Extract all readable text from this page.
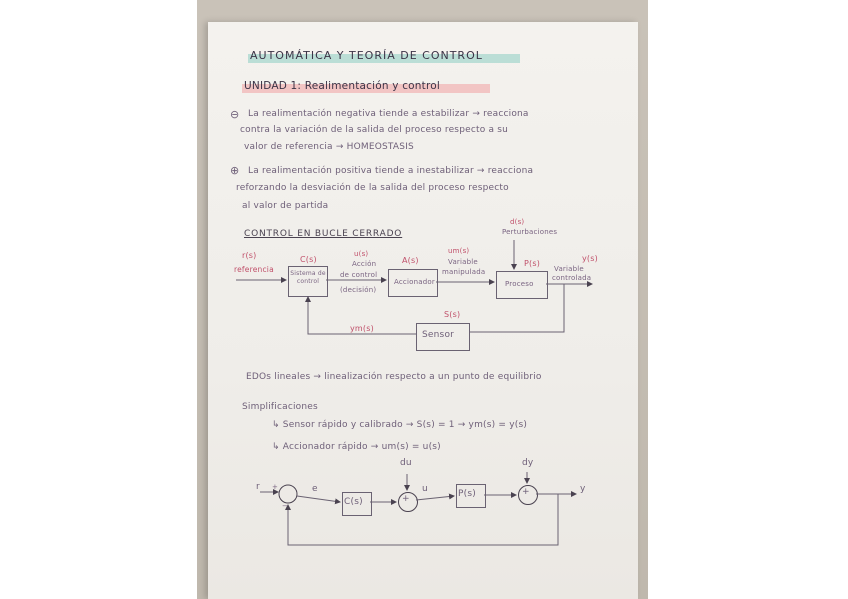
AUTOMÁTICA Y TEORÍA DE CONTROL
UNIDAD 1: Realimentación y control
⊖ La realimentación negativa tiende a estabilizar → reacciona
contra la variación de la salida del proceso respecto a su
valor de referencia → HOMEOSTASIS
⊕ La realimentación positiva tiende a inestabilizar → reacciona
reforzando la desviación de la salida del proceso respecto
al valor de partida
CONTROL EN BUCLE CERRADO
d(s)
Perturbaciones
r(s)
referencia
C(s)
Sistema de control
u(s)
Acción
de control
(decisión)
A(s)
Accionador
um(s)
Variable
manipulada
P(s)
Proceso
y(s)
Variable
controlada
S(s)
Sensor
ym(s)
EDOs lineales → linealización respecto a un punto de equilibrio
Simplificaciones
↳ Sensor rápido y calibrado → S(s) = 1 → ym(s) = y(s)
↳ Accionador rápido → um(s) = u(s)
r +
−
e
C(s)
du
+
u	P(s)
dy
+	y
